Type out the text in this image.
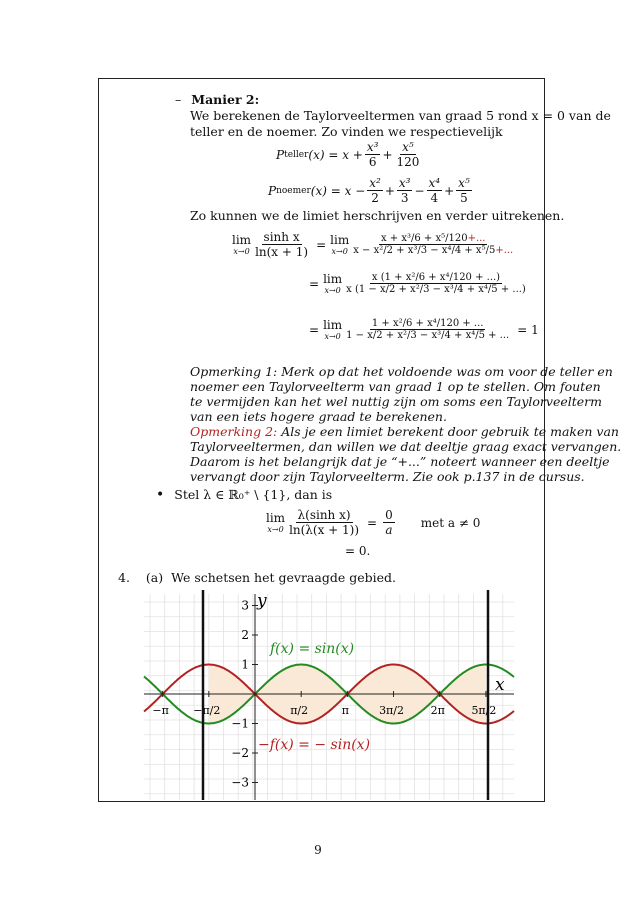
– Manier 2:
We berekenen de Taylorveeltermen van graad 5 rond x = 0 van de
teller en de noemer. Zo vinden we respectievelijk
P teller $(x) = x + \frac{\text{x³}}{6} + \frac{\text{x⁵}}{120}$
P noemer $(x) = x - \frac{\text{x²}}{2} + \frac{\text{x³}}{3} - \frac{\text{x⁴}}{4} + \frac{\text{x⁵}}{5}$
Zo kunnen we de limiet herschrijven en verder uitrekenen.
lim
$x\to 0 \frac{\text{sinh x}}{\ln(x + 1)} = \lim$
$x\to 0 \frac{\text{x + x³/6 + x⁵/120+...}}{\text{x − x²/2 + x³/3 − x⁴/4 + x⁵/5+...}}$
= lim
$x\to 0 \frac{\text{x (1 + x²/6 + x⁴/120 + ...)}}{\text{x (1 − x/2 + x²/3 − x³/4 + x⁴/5 + ...)}}$
= lim
$x\to 0 \frac{\text{1 + x²/6 + x⁴/120 + ...}}{\text{1 − x/2 + x²/3 − x³/4 + x⁴/5 + ...}} = 1$
Opmerking 1: Merk op dat het voldoende was om voor de teller en
noemer een Taylorveelterm van graad 1 op te stellen. Om fouten
te vermijden kan het wel nuttig zijn om soms een Taylorveelterm
van een iets hogere graad te berekenen.
Opmerking 2: Als je een limiet berekent door gebruik te maken van
Taylorveeltermen, dan willen we dat deeltje graag exact vervangen.
Daarom is het belangrijk dat je “+...” noteert wanneer een deeltje
vervangt door zijn Taylorveelterm. Zie ook p.137 in de cursus.
• Stel λ ∈ ℝ₀⁺ \ {1}, dan is
lim
$x\to 0 \frac{\text{λ(sinh x)}}{\ln(\lambda(x + 1))} = \frac{0}{a}$ met a ≠ 0
= 0.
4. (a) We schetsen het gevraagde gebied.
y
x
3
2
1
−1
−2
−3
−π −π/2	π/2	π	3π/2 2π 5π/2
f(x) = sin(x)
−f(x) = − sin(x)
9
